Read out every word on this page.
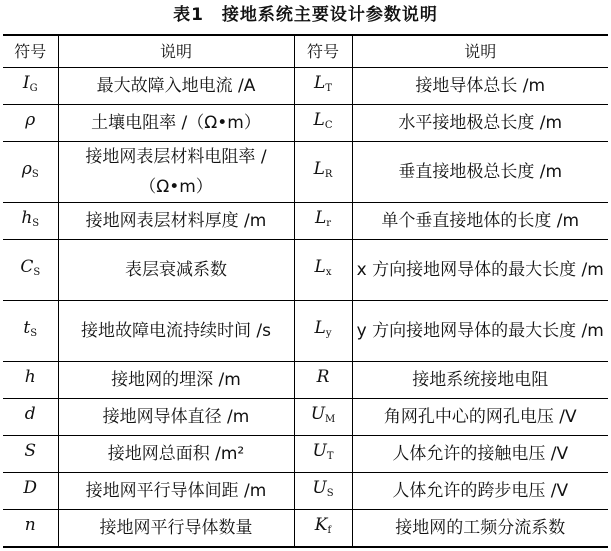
表1　接地系统主要设计参数说明
符号	说明	符号	说明
$I_G$	最大故障入地电流 /A	$L_T$	接地导体总长 /m
ρ	土壤电阻率 /（Ω•m）	$L_C$	水平接地极总长度 /m
$\rho_S$	接地网表层材料电阻率 /（Ω•m）	$L_R$	垂直接地极总长度 /m
$h_S$	接地网表层材料厚度 /m	$L_r$	单个垂直接地体的长度 /m
$C_S$	表层衰减系数	$L_x$	x 方向接地网导体的最大长度 /m
$t_S$	接地故障电流持续时间 /s	$L_y$	y 方向接地网导体的最大长度 /m
h	接地网的埋深 /m	R	接地系统接地电阻
d	接地网导体直径 /m	$U_M$	角网孔中心的网孔电压 /V
S	接地网总面积 /m²	$U_T$	人体允许的接触电压 /V
D	接地网平行导体间距 /m	$U_S$	人体允许的跨步电压 /V
n	接地网平行导体数量	$K_f$	接地网的工频分流系数
